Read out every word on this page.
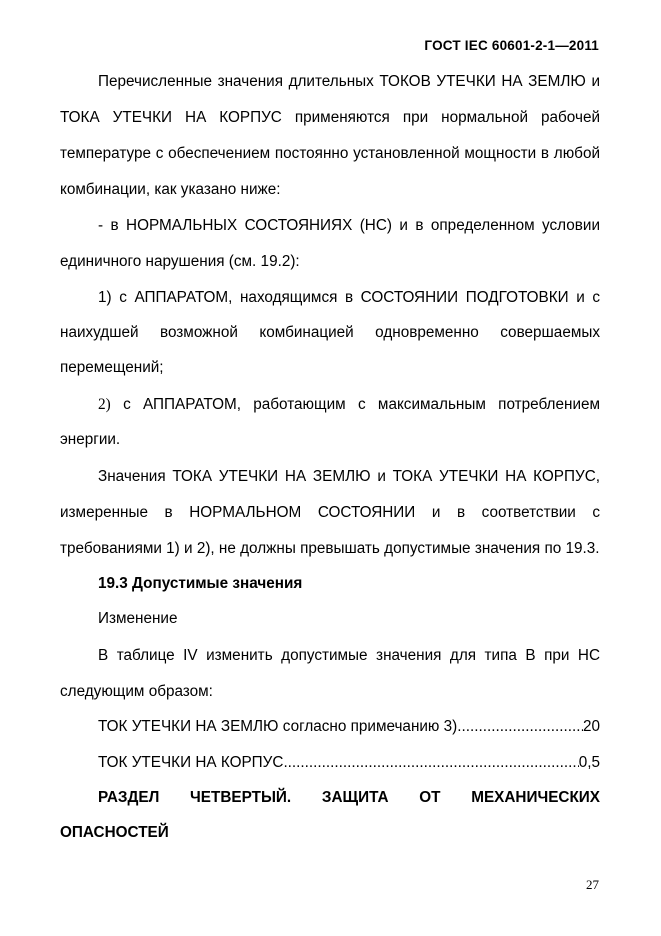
ГОСТ IEC 60601-2-1—2011
Перечисленные значения длительных ТОКОВ УТЕЧКИ НА ЗЕМЛЮ и
ТОКА УТЕЧКИ НА КОРПУС применяются при нормальной рабочей
температуре с обеспечением постоянно установленной мощности в любой
комбинации, как указано ниже:
- в НОРМАЛЬНЫХ СОСТОЯНИЯХ (НС) и в определенном условии
единичного нарушения (см. 19.2):
1) с АППАРАТОМ, находящимся в СОСТОЯНИИ ПОДГОТОВКИ и с
наихудшей возможной комбинацией одновременно совершаемых
перемещений;
2) с АППАРАТОМ, работающим с максимальным потреблением
энергии.
Значения ТОКА УТЕЧКИ НА ЗЕМЛЮ и ТОКА УТЕЧКИ НА КОРПУС,
измеренные в НОРМАЛЬНОМ СОСТОЯНИИ и в соответствии с
требованиями 1) и 2), не должны превышать допустимые значения по 19.3.
19.3 Допустимые значения
Изменение
В таблице IV изменить допустимые значения для типа В при НС
следующим образом:
ТОК УТЕЧКИ НА ЗЕМЛЮ согласно примечанию 3) .....	20
ТОК УТЕЧКИ НА КОРПУС .....	0,5
РАЗДЕЛ ЧЕТВЕРТЫЙ. ЗАЩИТА ОТ МЕХАНИЧЕСКИХ
ОПАСНОСТЕЙ
27
